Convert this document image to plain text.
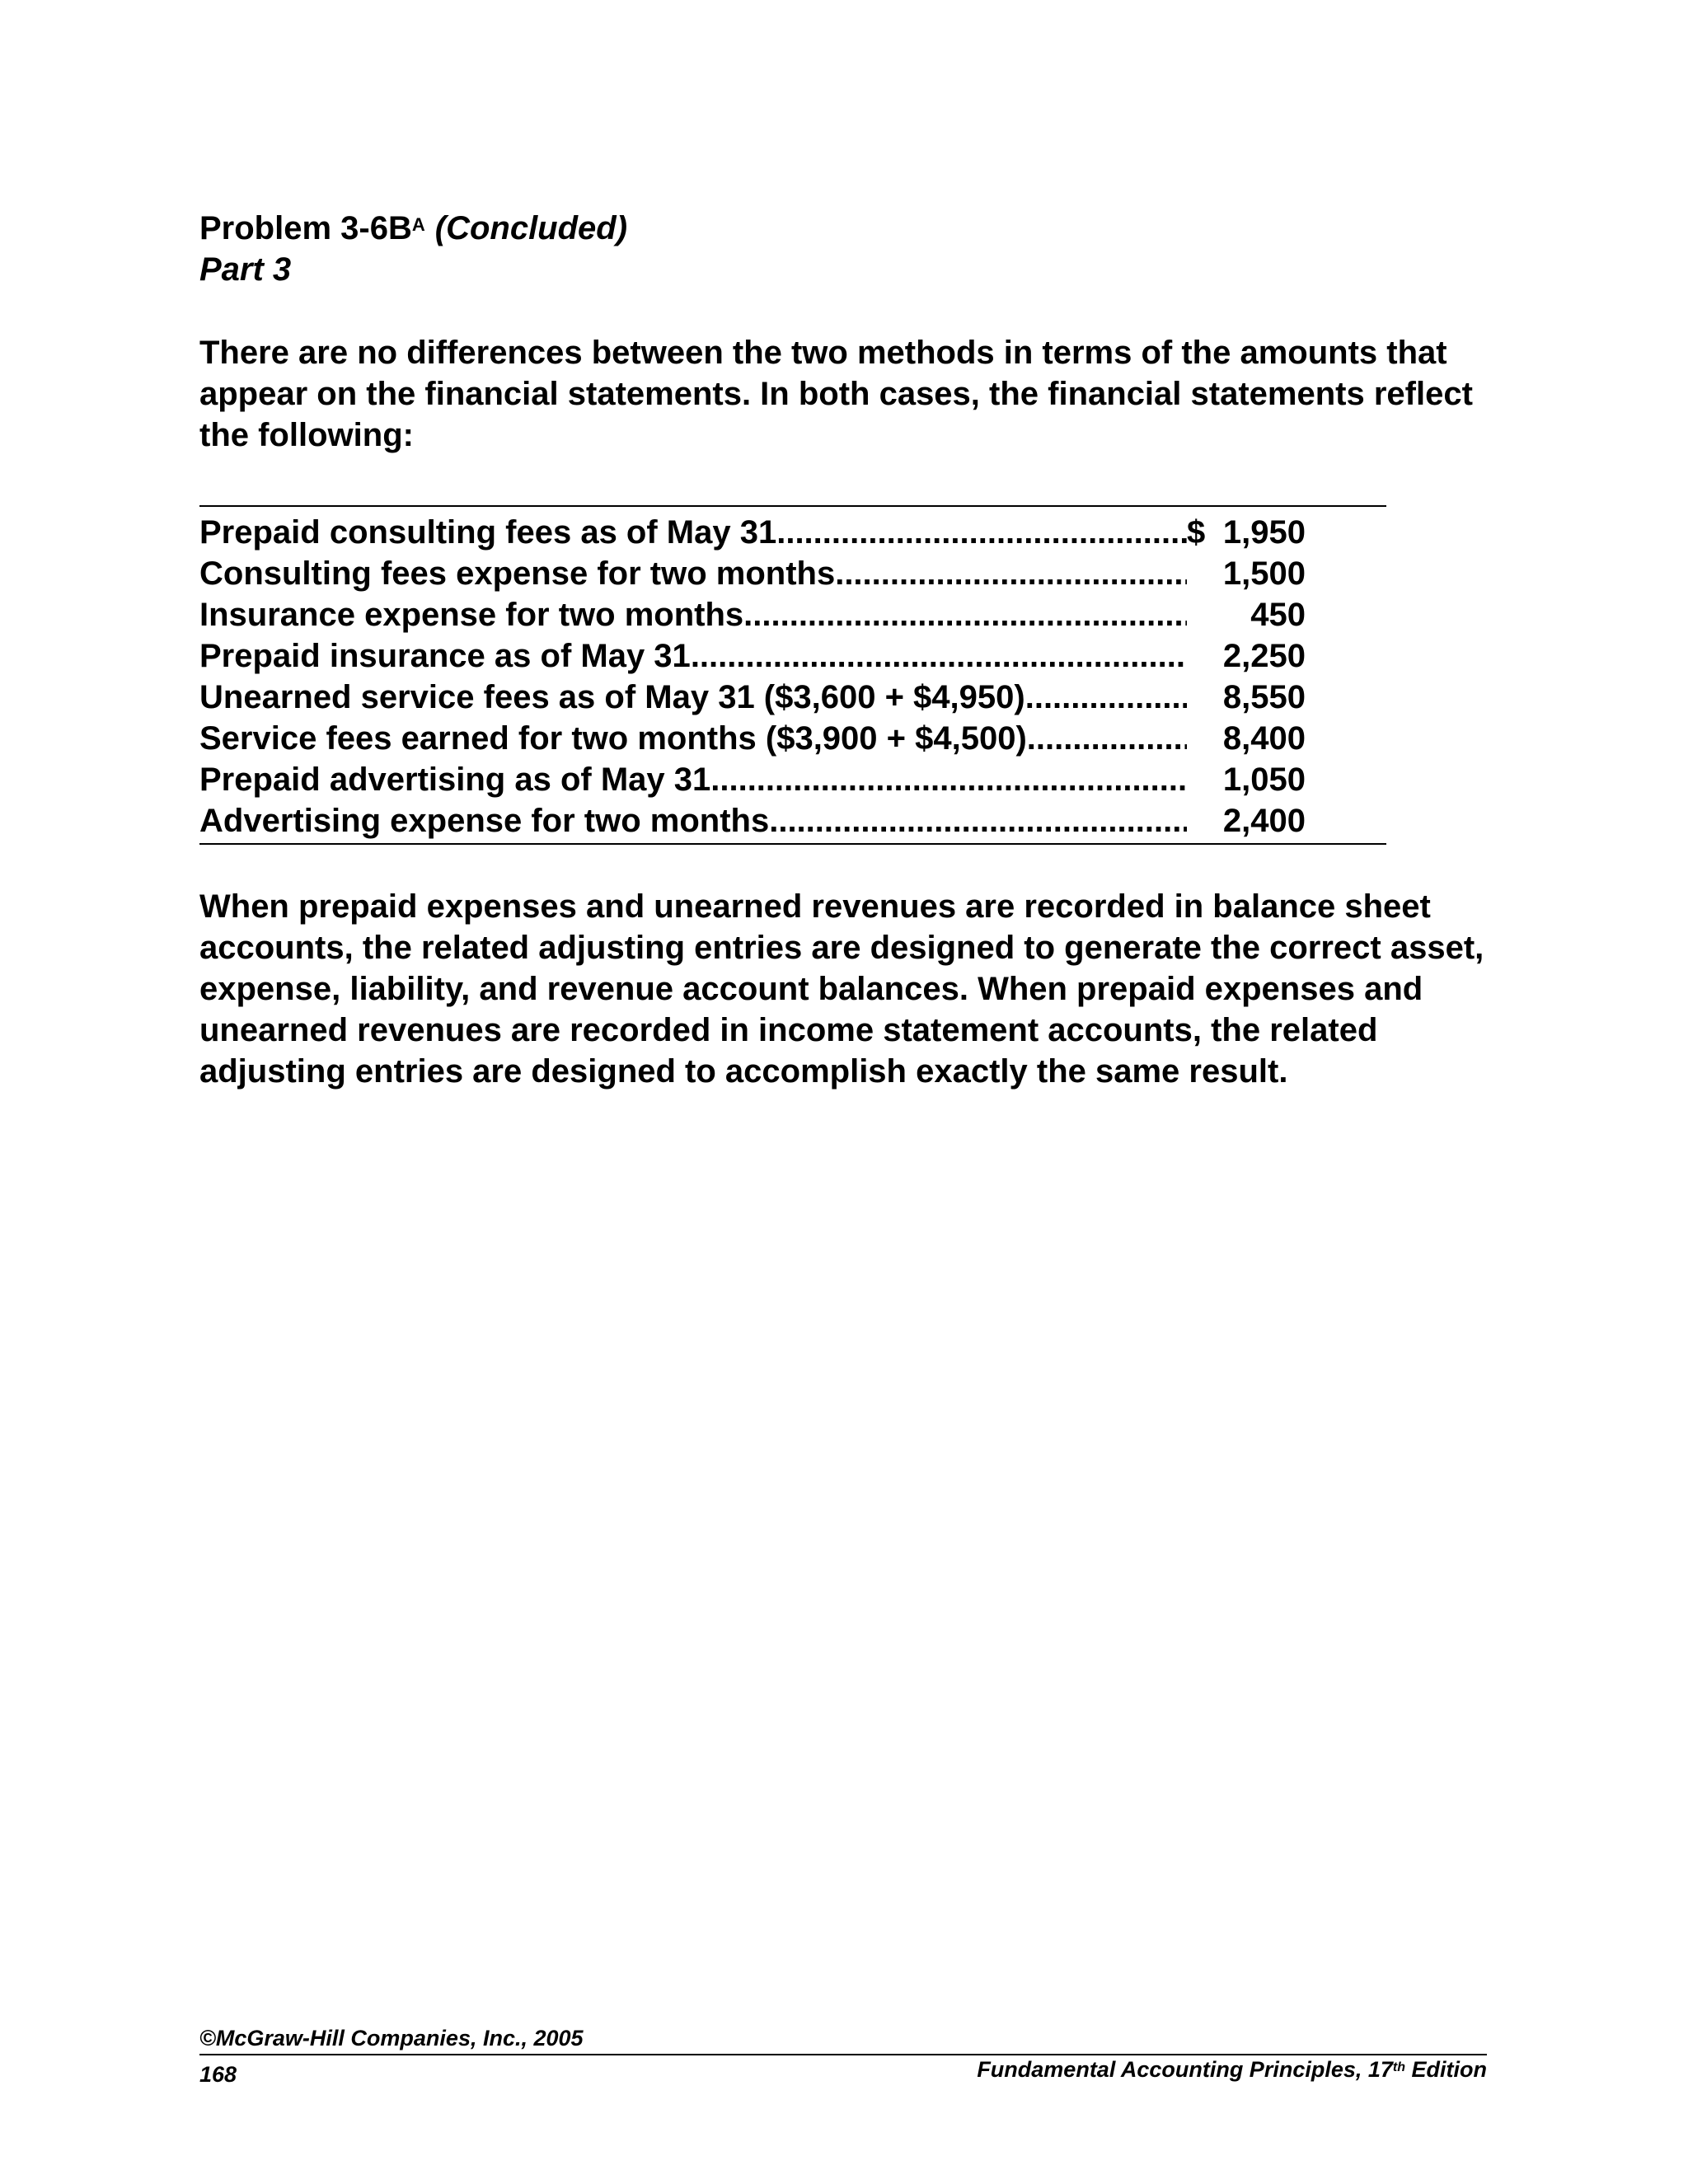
Problem $3-6B^A$ (Concluded)
Part 3

There are no differences between the two methods in terms of the amounts that appear on the financial statements. In both cases, the financial statements reflect the following:

Prepaid consulting fees as of May 31 .....	$ 1,950
Consulting fees expense for two months .....	1,500
Insurance expense for two months .....	450
Prepaid insurance as of May 31 .....	2,250
Unearned service fees as of May 31 ($3,600 + $4,950) .....	8,550
Service fees earned for two months ($3,900 + $4,500) .....	8,400
Prepaid advertising as of May 31 .....	1,050
Advertising expense for two months .....	2,400

When prepaid expenses and unearned revenues are recorded in balance sheet accounts, the related adjusting entries are designed to generate the correct asset, expense, liability, and revenue account balances. When prepaid expenses and unearned revenues are recorded in income statement accounts, the related adjusting entries are designed to accomplish exactly the same result.

©McGraw-Hill Companies, Inc., 2005
168	Fundamental Accounting Principles, 17th Edition
